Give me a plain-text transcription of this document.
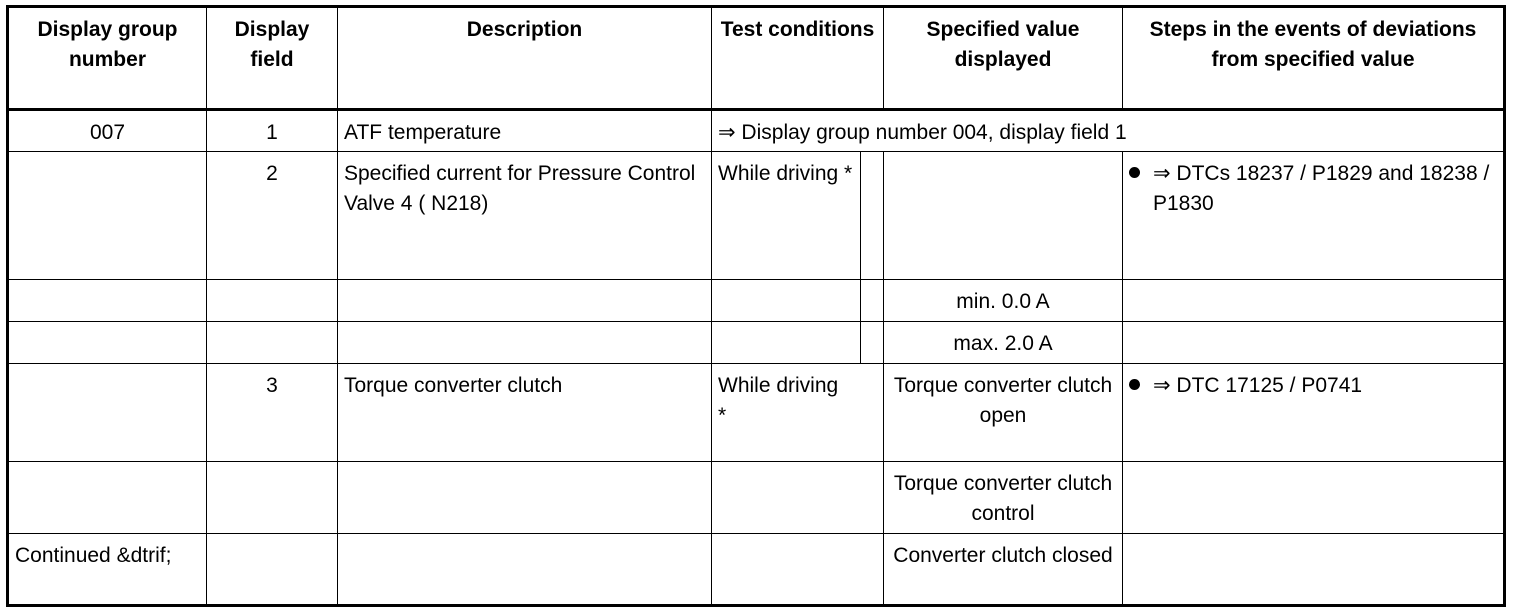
Display group number	Display field	Description	Test conditions		Specified value displayed	Steps in the events of deviations from specified value
007	1	ATF temperature	⇒ Display group number 004, display field 1			
	2	Specified current for Pressure Control Valve 4 ( N218)	While driving *			⇒ DTCs 18237 / P1829 and 18238 / P1830

					min. 0.0 A	
					max. 2.0 A	
	3	Torque converter clutch	While driving *		Torque converter clutch open	⇒ DTC 17125 / P0741

					Torque converter clutch control	
Continued &dtrif;					Converter clutch closed	
